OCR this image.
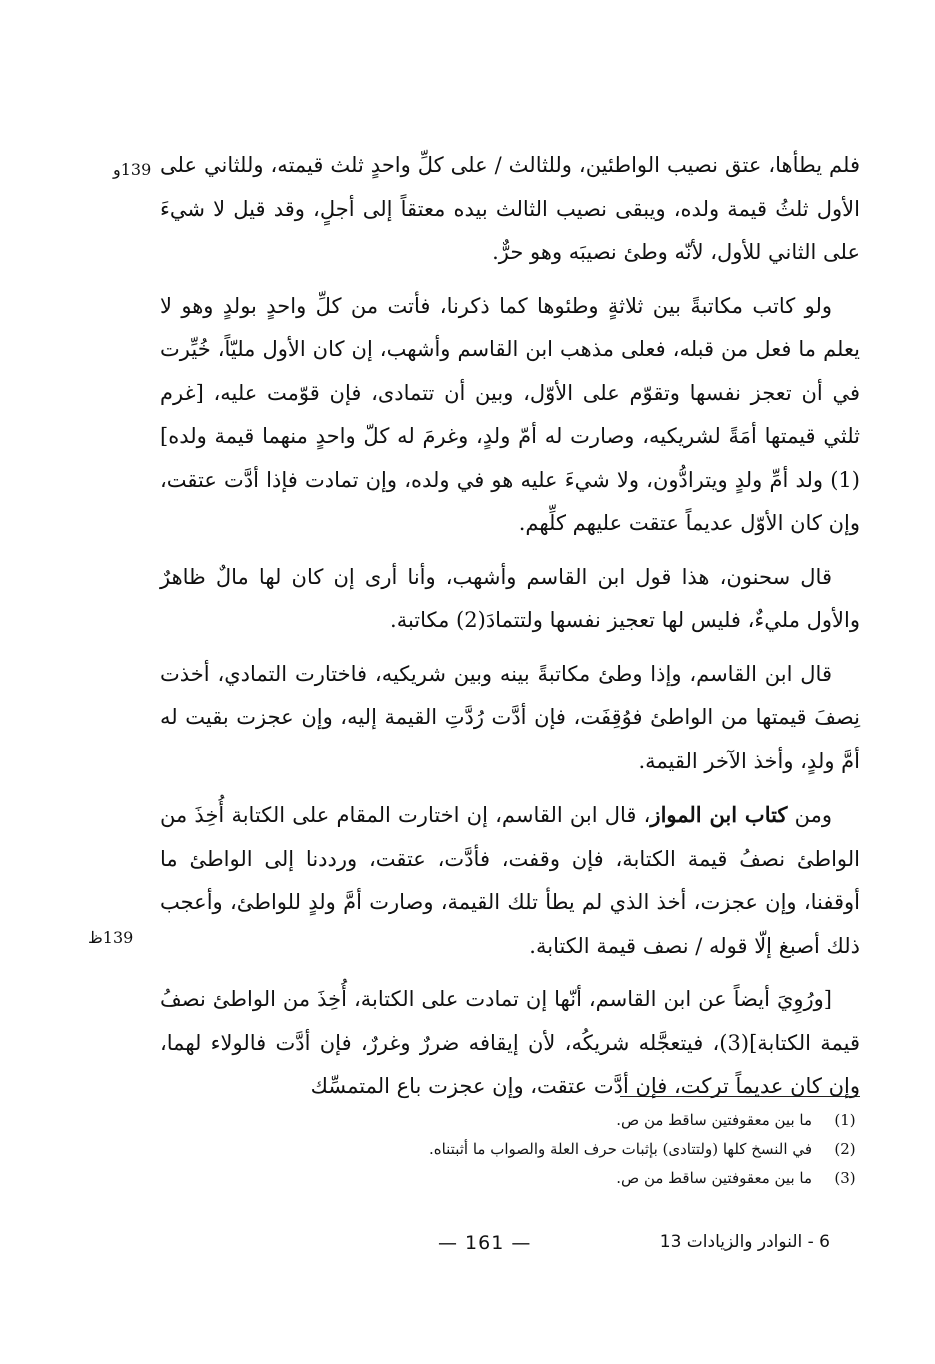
139و
139ظ

فلم يطأها، عتق نصيب الواطئين، وللثالث / على كلِّ واحدٍ ثلث قيمته، وللثاني على الأول ثلثُ قيمة ولده، ويبقى نصيب الثالث بيده معتقاً إلى أجلٍ، وقد قيل لا شيءَ على الثاني للأول، لأنّه وطئ نصيبَه وهو حرٌّ.

ولو كاتب مكاتبةً بين ثلاثةٍ وطئوها كما ذكرنا، فأتت من كلِّ واحدٍ بولدٍ وهو لا يعلم ما فعل من قبله، فعلى مذهب ابن القاسم وأشهب، إن كان الأول مليّاً، خُيِّرت في أن تعجز نفسها وتقوّم على الأوّل، وبين أن تتمادى، فإن قوّمت عليه، [غرم ثلثي قيمتها أمَةً لشريكيه، وصارت له أمّ ولدٍ، وغرمَ له كلّ واحدٍ منهما قيمة ولده](1) ولد أمِّ ولدٍ ويترادُّون، ولا شيءَ عليه هو في ولده، وإن تمادت فإذا أدَّت عتقت، وإن كان الأوّل عديماً عتقت عليهم كلِّهم.

قال سحنون، هذا قول ابن القاسم وأشهب، وأنا أرى إن كان لها مالٌ ظاهرٌ والأول مليءٌ، فليس لها تعجيز نفسها ولتتمادَ(2) مكاتبة.

قال ابن القاسم، وإذا وطئ مكاتبةً بينه وبين شريكيه، فاختارت التمادي، أخذت نِصفَ قيمتها من الواطئ فوُقِفَت، فإن أدَّت رُدَّتِ القيمة إليه، وإن عجزت بقيت له أمَّ ولدٍ، وأخذ الآخر القيمة.

ومن كتاب ابن المواز، قال ابن القاسم، إن اختارت المقام على الكتابة أُخِذَ من الواطئ نصفُ قيمة الكتابة، فإن وقفت، فأدَّت، عتقت، ورددنا إلى الواطئ ما أوقفنا، وإن عجزت، أخذ الذي لم يطأ تلك القيمة، وصارت أمَّ ولدٍ للواطئ، وأعجب ذلك أصبغ إلّا قوله / نصف قيمة الكتابة.

[ورُوِيَ أيضاً عن ابن القاسم، أنّها إن تمادت على الكتابة، أُخِذَ من الواطئ نصفُ قيمة الكتابة](3)، فيتعجَّله شريكُه، لأن إيقافه ضررٌ وغررٌ، فإن أدَّت فالولاء لهما، وإن كان عديماً تركت، فإن أدَّت عتقت، وإن عجزت باع المتمسِّك

(1)
ما بين معقوفتين ساقط من ص.
(2)
في النسخ كلها (ولتتادى) بإثبات حرف العلة والصواب ما أثبتناه.
(3)
ما بين معقوفتين ساقط من ص.
— 161 —	6 - النوادر والزيادات 13
